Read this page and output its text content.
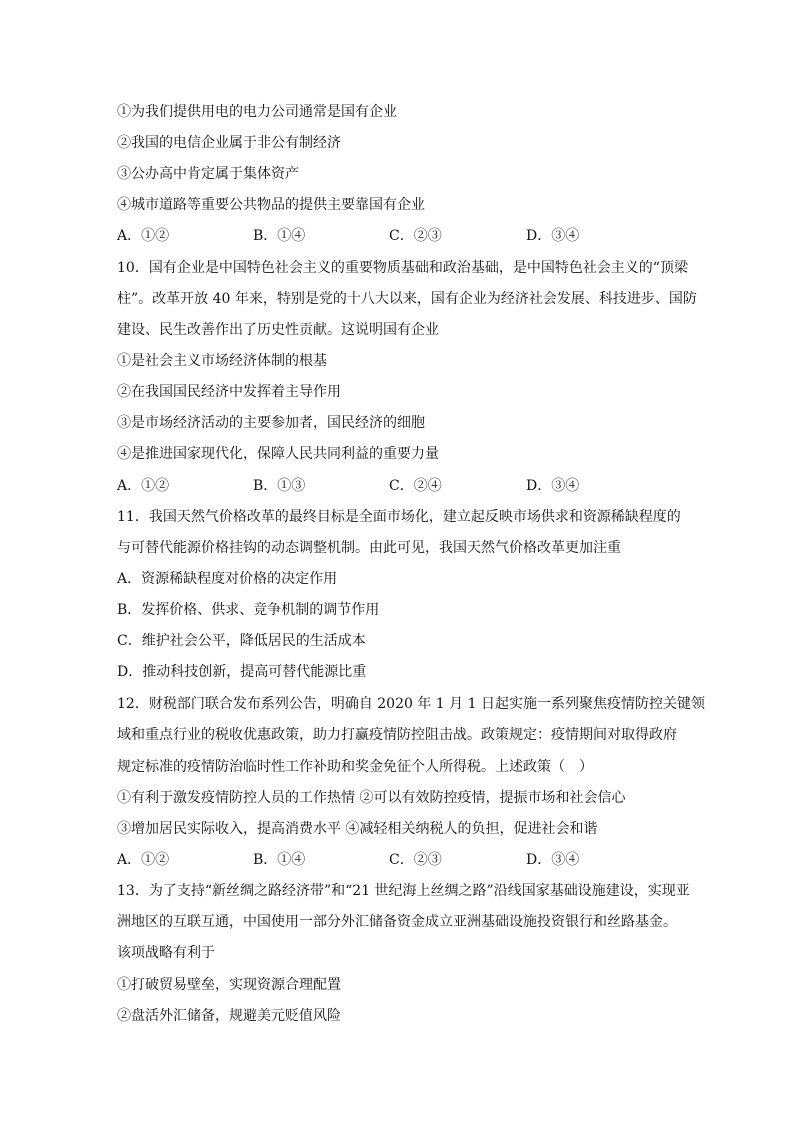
①为我们提供用电的电力公司通常是国有企业
②我国的电信企业属于非公有制经济
③公办高中肯定属于集体资产
④城市道路等重要公共物品的提供主要靠国有企业
A．①②	B．①④	C．②③	D．③④
10．国有企业是中国特色社会主义的重要物质基础和政治基础，是中国特色社会主义的“顶梁
柱”。改革开放 40 年来，特别是党的十八大以来，国有企业为经济社会发展、科技进步、国防
建设、民生改善作出了历史性贡献。这说明国有企业
①是社会主义市场经济体制的根基
②在我国国民经济中发挥着主导作用
③是市场经济活动的主要参加者，国民经济的细胞
④是推进国家现代化，保障人民共同利益的重要力量
A．①②	B．①③	C．②④	D．③④
11．我国天然气价格改革的最终目标是全面市场化，建立起反映市场供求和资源稀缺程度的
与可替代能源价格挂钩的动态调整机制。由此可见，我国天然气价格改革更加注重
A．资源稀缺程度对价格的决定作用
B．发挥价格、供求、竞争机制的调节作用
C．维护社会公平，降低居民的生活成本
D．推动科技创新，提高可替代能源比重
12．财税部门联合发布系列公告，明确自 2020 年 1 月 1 日起实施一系列聚焦疫情防控关键领
域和重点行业的税收优惠政策，助力打赢疫情防控阻击战。政策规定：疫情期间对取得政府
规定标准的疫情防治临时性工作补助和奖金免征个人所得税。上述政策（　）
①有利于激发疫情防控人员的工作热情 ②可以有效防控疫情，提振市场和社会信心
③增加居民实际收入，提高消费水平 ④减轻相关纳税人的负担，促进社会和谐
A．①②	B．①④	C．②③	D．③④
13．为了支持“新丝绸之路经济带”和“21 世纪海上丝绸之路”沿线国家基础设施建设，实现亚
洲地区的互联互通，中国使用一部分外汇储备资金成立亚洲基础设施投资银行和丝路基金。
该项战略有利于
①打破贸易壁垒，实现资源合理配置
②盘活外汇储备，规避美元贬值风险
